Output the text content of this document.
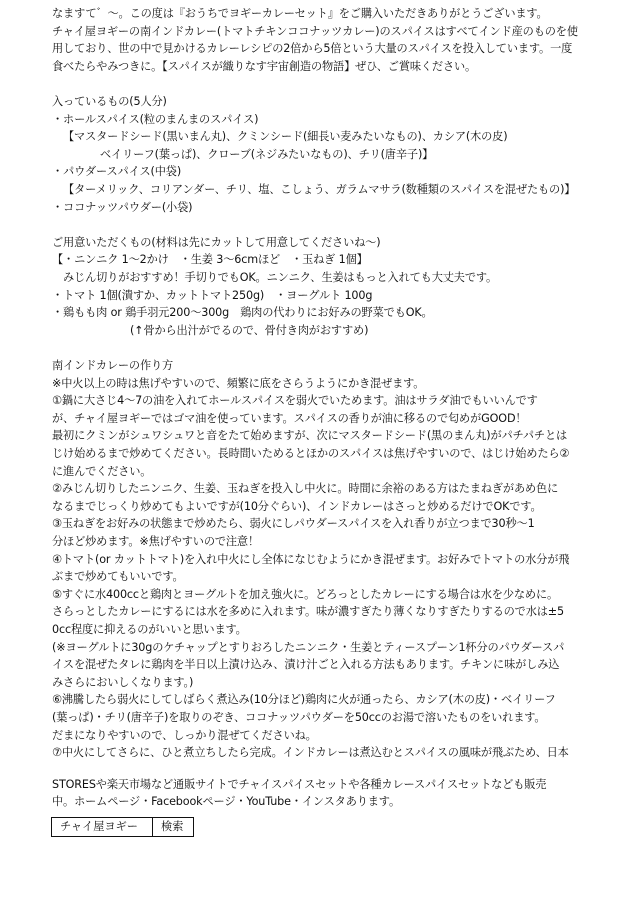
なますて゛～。この度は『おうちでヨギーカレーセット』をご購入いただきありがとうございます。
チャイ屋ヨギーの南インドカレー(トマトチキンココナッツカレー)のスパイスはすべてインド産のものを使
用しており、世の中で見かけるカレーレシピの2倍から5倍という大量のスパイスを投入しています。一度
食べたらやみつきに。【スパイスが織りなす宇宙創造の物語】ぜひ、ご賞味ください。
入っているもの(5人分)
・ホールスパイス(粒のまんまのスパイス)
【マスタードシード(黒いまん丸)、クミンシード(細長い麦みたいなもの)、カシア(木の皮)
ベイリーフ(葉っぱ)、クローブ(ネジみたいなもの)、チリ(唐辛子)】
・パウダースパイス(中袋)
【ターメリック、コリアンダー、チリ、塩、こしょう、ガラムマサラ(数種類のスパイスを混ぜたもの)】
・ココナッツパウダー(小袋)
ご用意いただくもの(材料は先にカットして用意してくださいね～)
【・ニンニク 1～2かけ　・生姜 3～6cmほど　・玉ねぎ 1個】
みじん切りがおすすめ！手切りでもOK。ニンニク、生姜はもっと入れても大丈夫です。
・トマト 1個(潰すか、カットトマト250g)　・ヨーグルト 100g
・鶏もも肉 or 鶏手羽元200～300g　鶏肉の代わりにお好みの野菜でもOK。
(↑骨から出汁がでるので、骨付き肉がおすすめ)
南インドカレーの作り方
※中火以上の時は焦げやすいので、頻繁に底をさらうようにかき混ぜます。
①鍋に大さじ4～7の油を入れてホールスパイスを弱火でいためます。油はサラダ油でもいいんです
が、チャイ屋ヨギーではゴマ油を使っています。スパイスの香りが油に移るので匂めがGOOD！
最初にクミンがシュワシュワと音をたて始めますが、次にマスタードシード(黒のまん丸)がパチパチとは
じけ始めるまで炒めてください。長時間いためるとほかのスパイスは焦げやすいので、はじけ始めたら②
に進んでください。
②みじん切りしたニンニク、生姜、玉ねぎを投入し中火に。時間に余裕のある方はたまねぎがあめ色に
なるまでじっくり炒めてもよいですが(10分ぐらい)、インドカレーはさっと炒めるだけでOKです。
③玉ねぎをお好みの状態まで炒めたら、弱火にしパウダースパイスを入れ香りが立つまで30秒～1
分ほど炒めます。※焦げやすいので注意！
④トマト(or カットトマト)を入れ中火にし全体になじむようにかき混ぜます。お好みでトマトの水分が飛
ぶまで炒めてもいいです。
⑤すぐに水400ccと鶏肉とヨーグルトを加え強火に。どろっとしたカレーにする場合は水を少なめに。
さらっとしたカレーにするには水を多めに入れます。味が濃すぎたり薄くなりすぎたりするので水は±5
0cc程度に抑えるのがいいと思います。
(※ヨーグルトに30gのケチャップとすりおろしたニンニク・生姜とティースプーン1杯分のパウダースパ
イスを混ぜたタレに鶏肉を半日以上漬け込み、漬け汁ごと入れる方法もあります。チキンに味がしみ込
みさらにおいしくなります。)
⑥沸騰したら弱火にしてしばらく煮込み(10分ほど)鶏肉に火が通ったら、カシア(木の皮)・ベイリーフ
(葉っぱ)・チリ(唐辛子)を取りのぞき、ココナッツパウダーを50ccのお湯で溶いたものをいれます。
だまになりやすいので、しっかり混ぜてくださいね。
⑦中火にしてさらに、ひと煮立ちしたら完成。インドカレーは煮込むとスパイスの風味が飛ぶため、日本
STORESや楽天市場など通販サイトでチャイスパイスセットや各種カレースパイスセットなども販売
中。ホームページ・Facebookページ・YouTube・インスタあります。
チャイ屋ヨギー	検索
